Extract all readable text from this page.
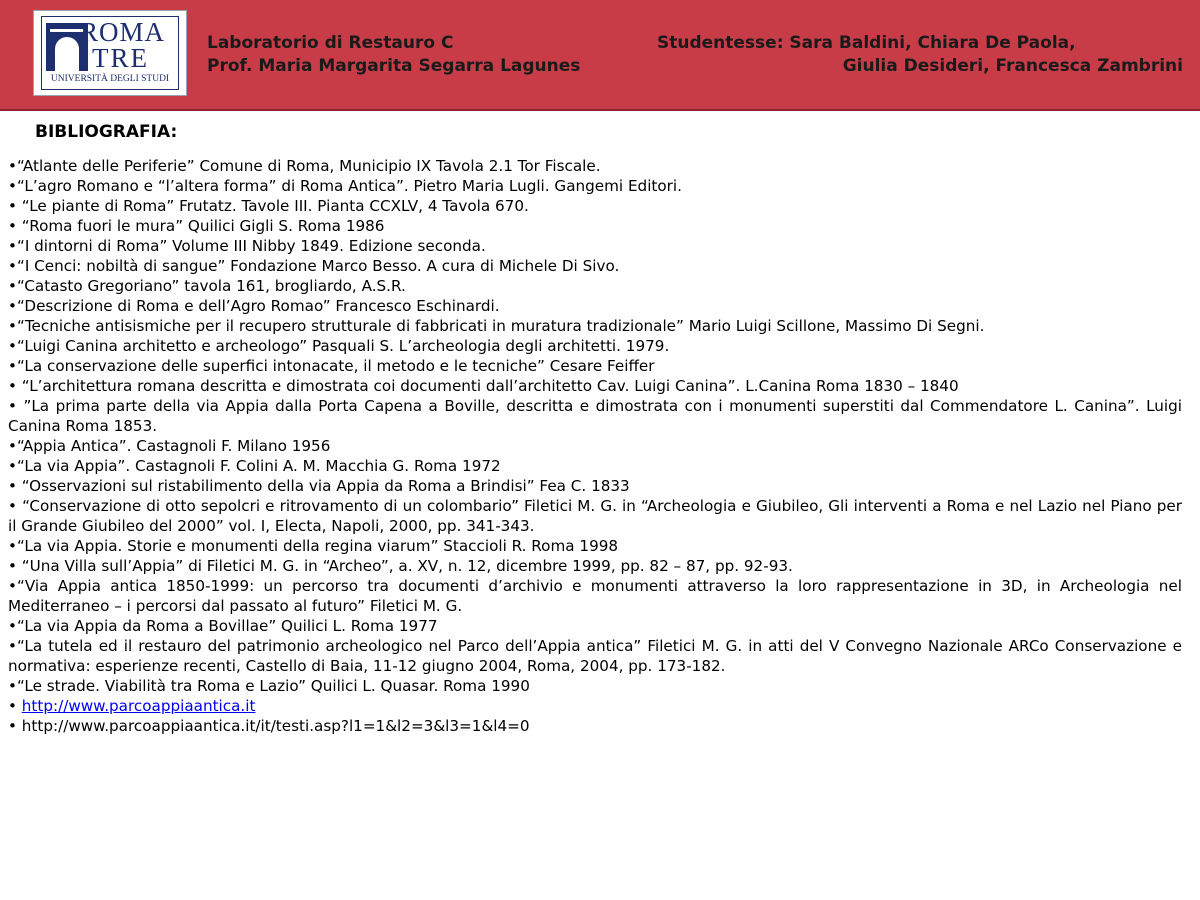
ROMA
TRE
UNIVERSITÀ DEGLI STUDI
Laboratorio di Restauro C
Prof. Maria Margarita Segarra Lagunes
Studentesse: Sara Baldini, Chiara De Paola,
Giulia Desideri, Francesca Zambrini
BIBLIOGRAFIA:
•“Atlante delle Periferie” Comune di Roma, Municipio IX Tavola 2.1 Tor Fiscale.
•“L’agro Romano e “l’altera forma” di Roma Antica”. Pietro Maria Lugli. Gangemi Editori.
• “Le piante di Roma” Frutatz. Tavole III. Pianta CCXLV, 4 Tavola 670.
• “Roma fuori le mura” Quilici Gigli S. Roma 1986
•“I dintorni di Roma” Volume III Nibby 1849. Edizione seconda.
•“I Cenci: nobiltà di sangue” Fondazione Marco Besso. A cura di Michele Di Sivo.
•“Catasto Gregoriano” tavola 161, brogliardo, A.S.R.
•“Descrizione di Roma e dell’Agro Romao” Francesco Eschinardi.
•“Tecniche antisismiche per il recupero strutturale di fabbricati in muratura tradizionale” Mario Luigi Scillone, Massimo Di Segni.
•“Luigi Canina architetto e archeologo” Pasquali S. L’archeologia degli architetti. 1979.
•“La conservazione delle superfici intonacate, il metodo e le tecniche” Cesare Feiffer
• “L’architettura romana descritta e dimostrata coi documenti dall’architetto Cav. Luigi Canina”. L.Canina Roma 1830 – 1840
• ”La prima parte della via Appia dalla Porta Capena a Boville, descritta e dimostrata con i monumenti superstiti dal Commendatore L. Canina”. Luigi Canina Roma 1853.
•“Appia Antica”. Castagnoli F. Milano 1956
•“La via Appia”. Castagnoli F. Colini A. M. Macchia G. Roma 1972
• “Osservazioni sul ristabilimento della via Appia da Roma a Brindisi” Fea C. 1833
• “Conservazione di otto sepolcri e ritrovamento di un colombario” Filetici M. G. in “Archeologia e Giubileo, Gli interventi a Roma e nel Lazio nel Piano per il Grande Giubileo del 2000” vol. I, Electa, Napoli, 2000, pp. 341-343.
•“La via Appia. Storie e monumenti della regina viarum” Staccioli R. Roma 1998
• “Una Villa sull’Appia” di Filetici M. G. in “Archeo”, a. XV, n. 12, dicembre 1999, pp. 82 – 87, pp. 92-93.
•“Via Appia antica 1850-1999: un percorso tra documenti d’archivio e monumenti attraverso la loro rappresentazione in 3D, in Archeologia nel Mediterraneo – i percorsi dal passato al futuro” Filetici M. G.
•“La via Appia da Roma a Bovillae” Quilici L. Roma 1977
•“La tutela ed il restauro del patrimonio archeologico nel Parco dell’Appia antica” Filetici M. G. in atti del V Convegno Nazionale ARCo Conservazione e normativa: esperienze recenti, Castello di Baia, 11-12 giugno 2004, Roma, 2004, pp. 173-182.
•“Le strade. Viabilità tra Roma e Lazio” Quilici L. Quasar. Roma 1990
• http://www.parcoappiaantica.it
• http://www.parcoappiaantica.it/it/testi.asp?l1=1&l2=3&l3=1&l4=0
